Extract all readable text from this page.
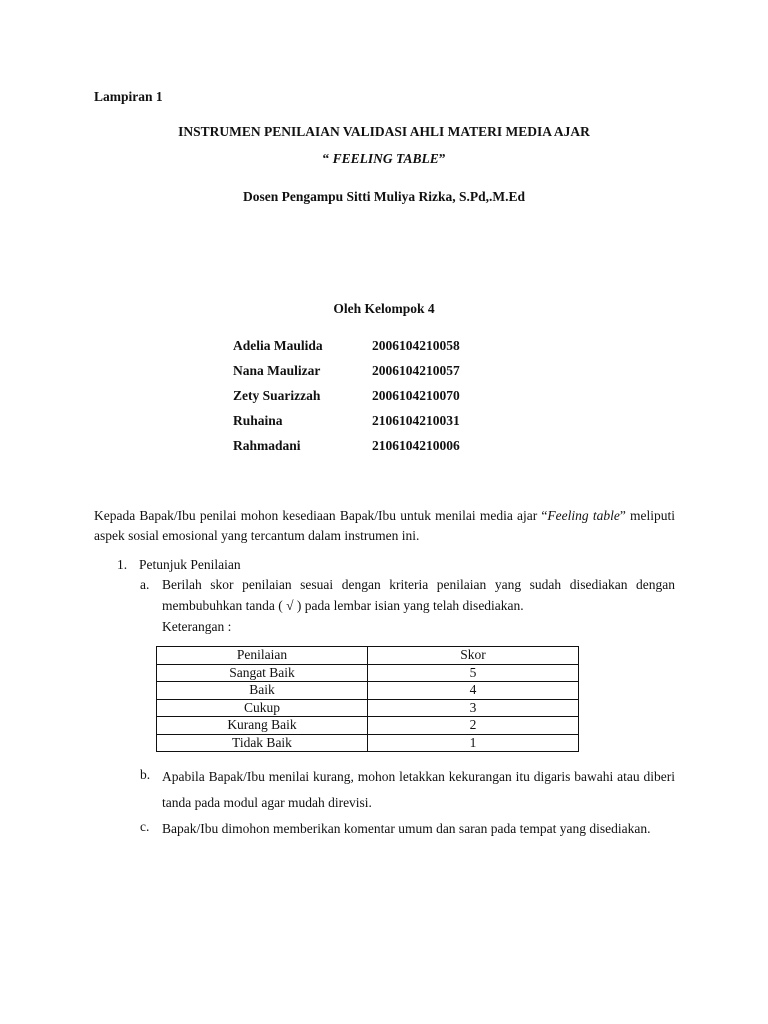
Lampiran 1
INSTRUMEN PENILAIAN VALIDASI AHLI MATERI MEDIA AJAR
“ FEELING TABLE”
Dosen Pengampu Sitti Muliya Rizka, S.Pd,.M.Ed
Oleh Kelompok 4
Adelia Maulida	2006104210058
Nana Maulizar	2006104210057
Zety Suarizzah	2006104210070
Ruhaina	2106104210031
Rahmadani	2106104210006
Kepada Bapak/Ibu penilai mohon kesediaan Bapak/Ibu untuk menilai media ajar “Feeling table” meliputi aspek sosial emosional yang tercantum dalam instrumen ini.
1. Petunjuk Penilaian
a. Berilah skor penilaian sesuai dengan kriteria penilaian yang sudah disediakan dengan membubuhkan tanda ( √ ) pada lembar isian yang telah disediakan.
Keterangan :
Penilaian	Skor
Sangat Baik	5
Baik	4
Cukup	3
Kurang Baik	2
Tidak Baik	1
b. Apabila Bapak/Ibu menilai kurang, mohon letakkan kekurangan itu digaris bawahi atau diberi tanda pada modul agar mudah direvisi.
c. Bapak/Ibu dimohon memberikan komentar umum dan saran pada tempat yang disediakan.
